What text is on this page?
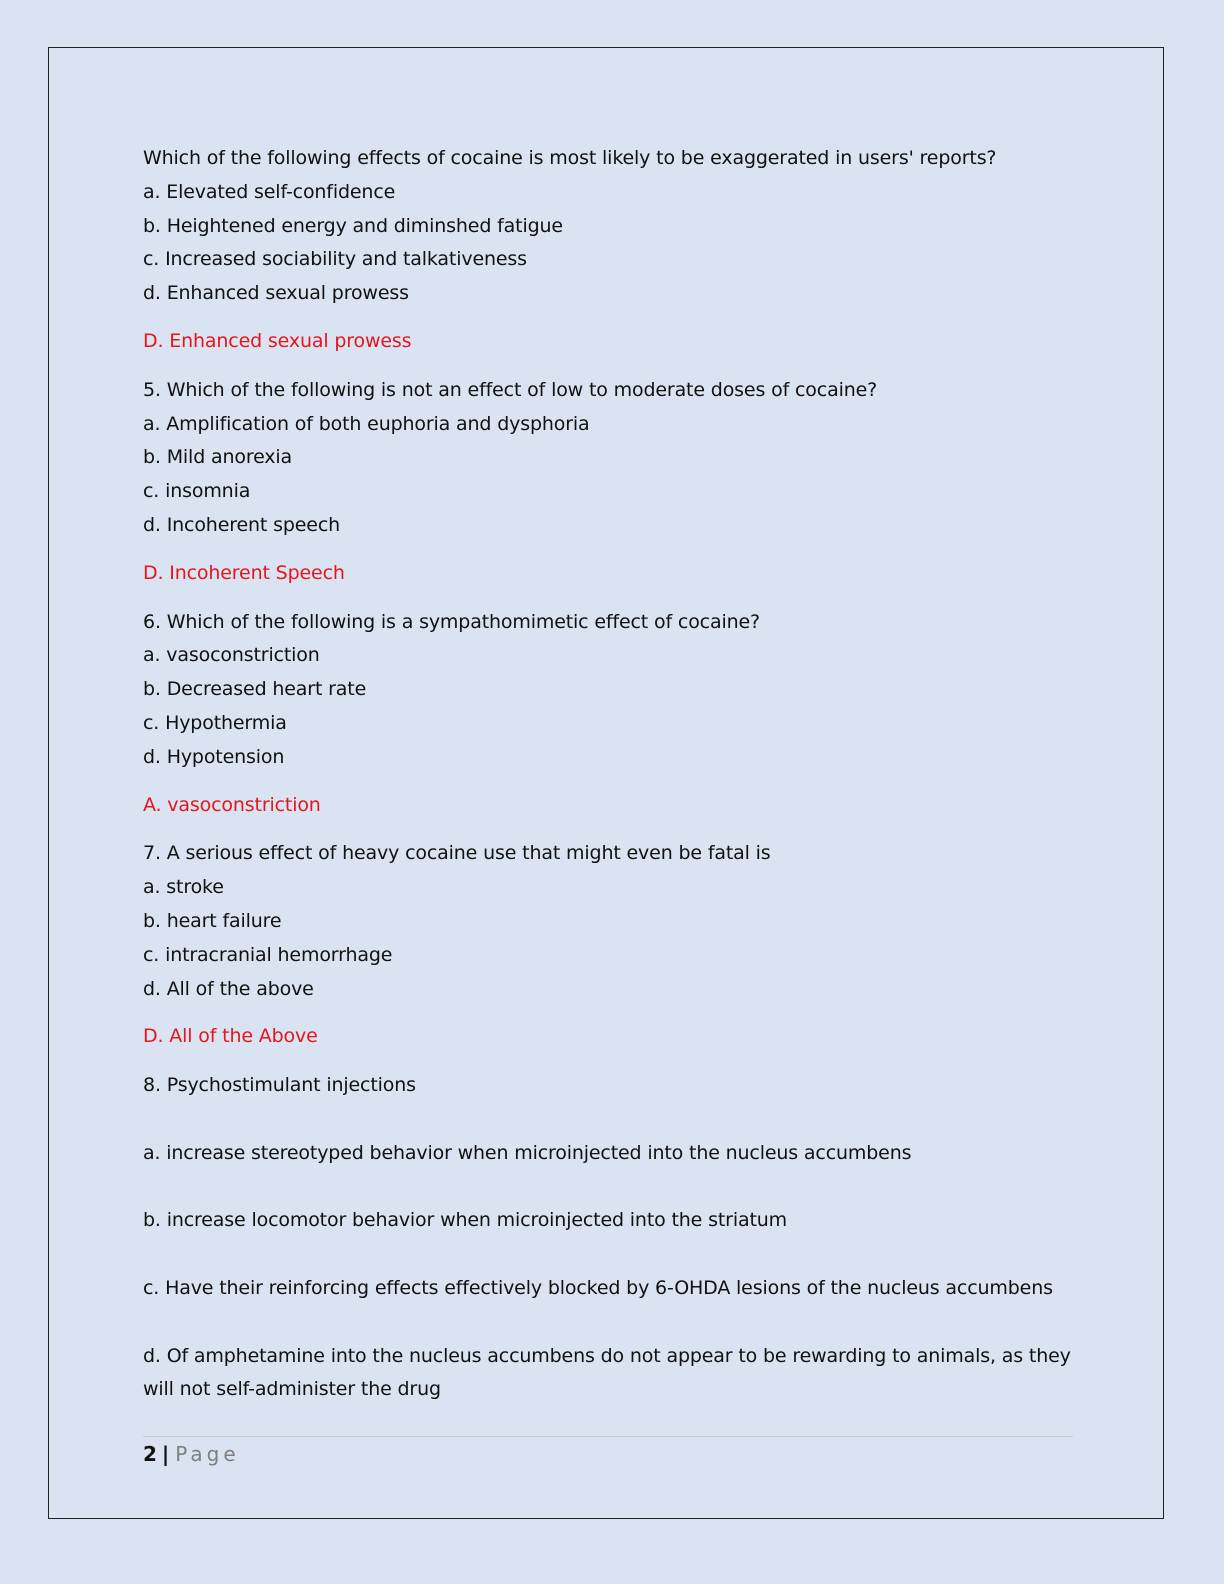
Which of the following effects of cocaine is most likely to be exaggerated in users' reports?
a. Elevated self-confidence
b. Heightened energy and diminshed fatigue
c. Increased sociability and talkativeness
d. Enhanced sexual prowess
D. Enhanced sexual prowess
5. Which of the following is not an effect of low to moderate doses of cocaine?
a. Amplification of both euphoria and dysphoria
b. Mild anorexia
c. insomnia
d. Incoherent speech
D. Incoherent Speech
6. Which of the following is a sympathomimetic effect of cocaine?
a. vasoconstriction
b. Decreased heart rate
c. Hypothermia
d. Hypotension
A. vasoconstriction
7. A serious effect of heavy cocaine use that might even be fatal is
a. stroke
b. heart failure
c. intracranial hemorrhage
d. All of the above
D. All of the Above
8. Psychostimulant injections
a. increase stereotyped behavior when microinjected into the nucleus accumbens
b. increase locomotor behavior when microinjected into the striatum
c. Have their reinforcing effects effectively blocked by 6-OHDA lesions of the nucleus accumbens
d. Of amphetamine into the nucleus accumbens do not appear to be rewarding to animals, as they will not self-administer the drug
2 | Page
